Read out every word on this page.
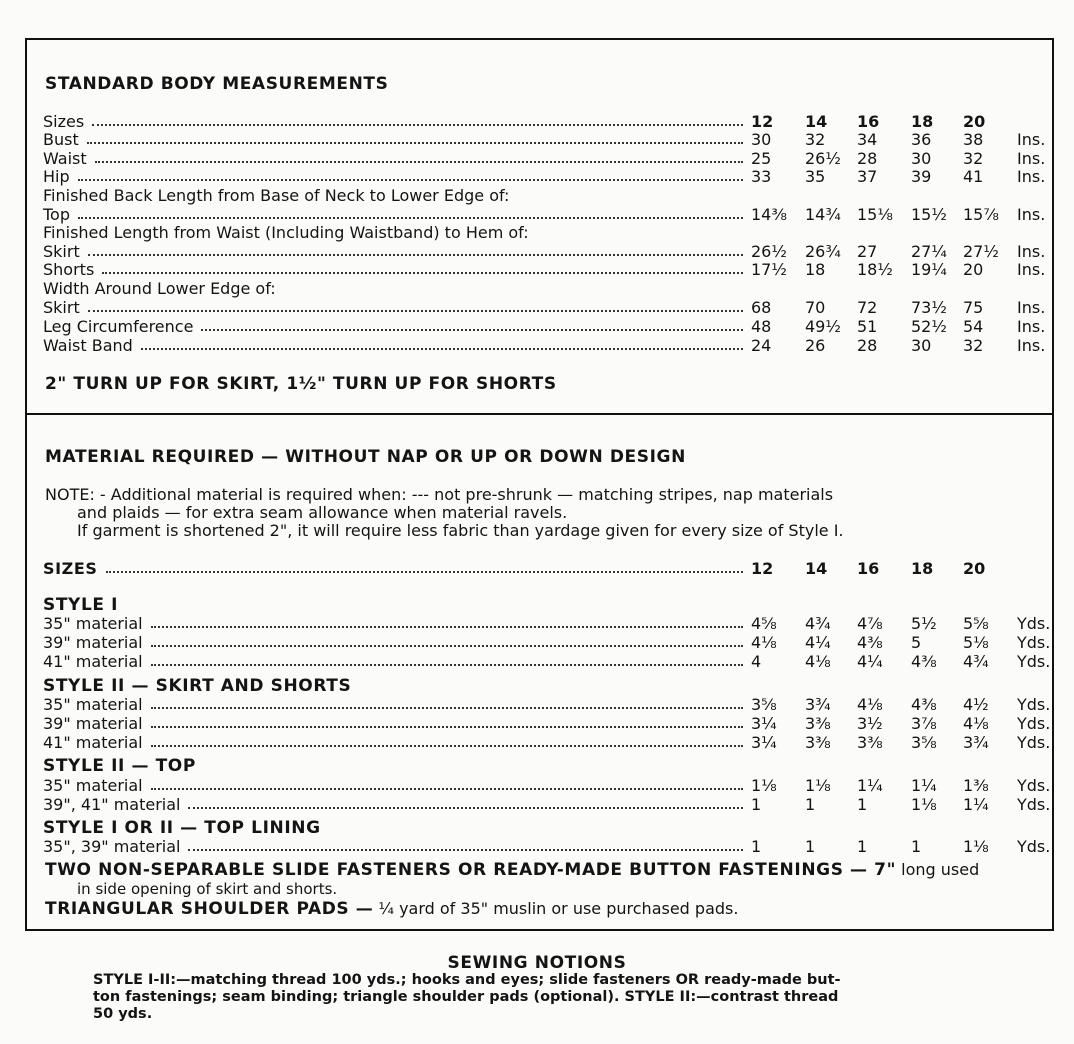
STANDARD BODY MEASUREMENTS
Sizes	12 14 16 18 20
Bust	30 32 34 36 38 Ins.
Waist	25 26½ 28 30 32 Ins.
Hip	33 35 37 39 41 Ins.
Finished Back Length from Base of Neck to Lower Edge of:
Top	14⅜ 14¾ 15⅛ 15½ 15⅞ Ins.
Finished Length from Waist (Including Waistband) to Hem of:
Skirt	26½ 26¾ 27 27¼ 27½ Ins.
Shorts	17½ 18 18½ 19¼ 20 Ins.
Width Around Lower Edge of:
Skirt	68 70 72 73½ 75 Ins.
Leg Circumference	48 49½ 51 52½ 54 Ins.
Waist Band	24 26 28 30 32 Ins.
2" TURN UP FOR SKIRT, 1½" TURN UP FOR SHORTS
MATERIAL REQUIRED — WITHOUT NAP OR UP OR DOWN DESIGN
NOTE: - Additional material is required when: --- not pre-shrunk — matching stripes, nap materials
and plaids — for extra seam allowance when material ravels.
If garment is shortened 2", it will require less fabric than yardage given for every size of Style I.
SIZES	12 14 16 18 20
STYLE I
35" material	4⅝ 4¾ 4⅞ 5½ 5⅝ Yds.
39" material	4⅛ 4¼ 4⅜ 5	5⅛ Yds.
41" material	4	4⅛ 4¼ 4⅜ 4¾ Yds.
STYLE II — SKIRT AND SHORTS
35" material	3⅝ 3¾ 4⅛ 4⅜ 4½ Yds.
39" material	3¼ 3⅜ 3½ 3⅞ 4⅛ Yds.
41" material	3¼ 3⅜ 3⅜ 3⅝ 3¾ Yds.
STYLE II — TOP
35" material	1⅛ 1⅛ 1¼ 1¼ 1⅜ Yds.
39", 41" material	1	1	1	1⅛ 1¼ Yds.
STYLE I OR II — TOP LINING
35", 39" material	1	1	1	1	1⅛ Yds.
TWO NON-SEPARABLE SLIDE FASTENERS OR READY-MADE BUTTON FASTENINGS — 7" long used
in side opening of skirt and shorts.
TRIANGULAR SHOULDER PADS — ¼ yard of 35" muslin or use purchased pads.
SEWING NOTIONS
STYLE I-II:—matching thread 100 yds.; hooks and eyes; slide fasteners OR ready-made but-
ton fastenings; seam binding; triangle shoulder pads (optional). STYLE II:—contrast thread
50 yds.
